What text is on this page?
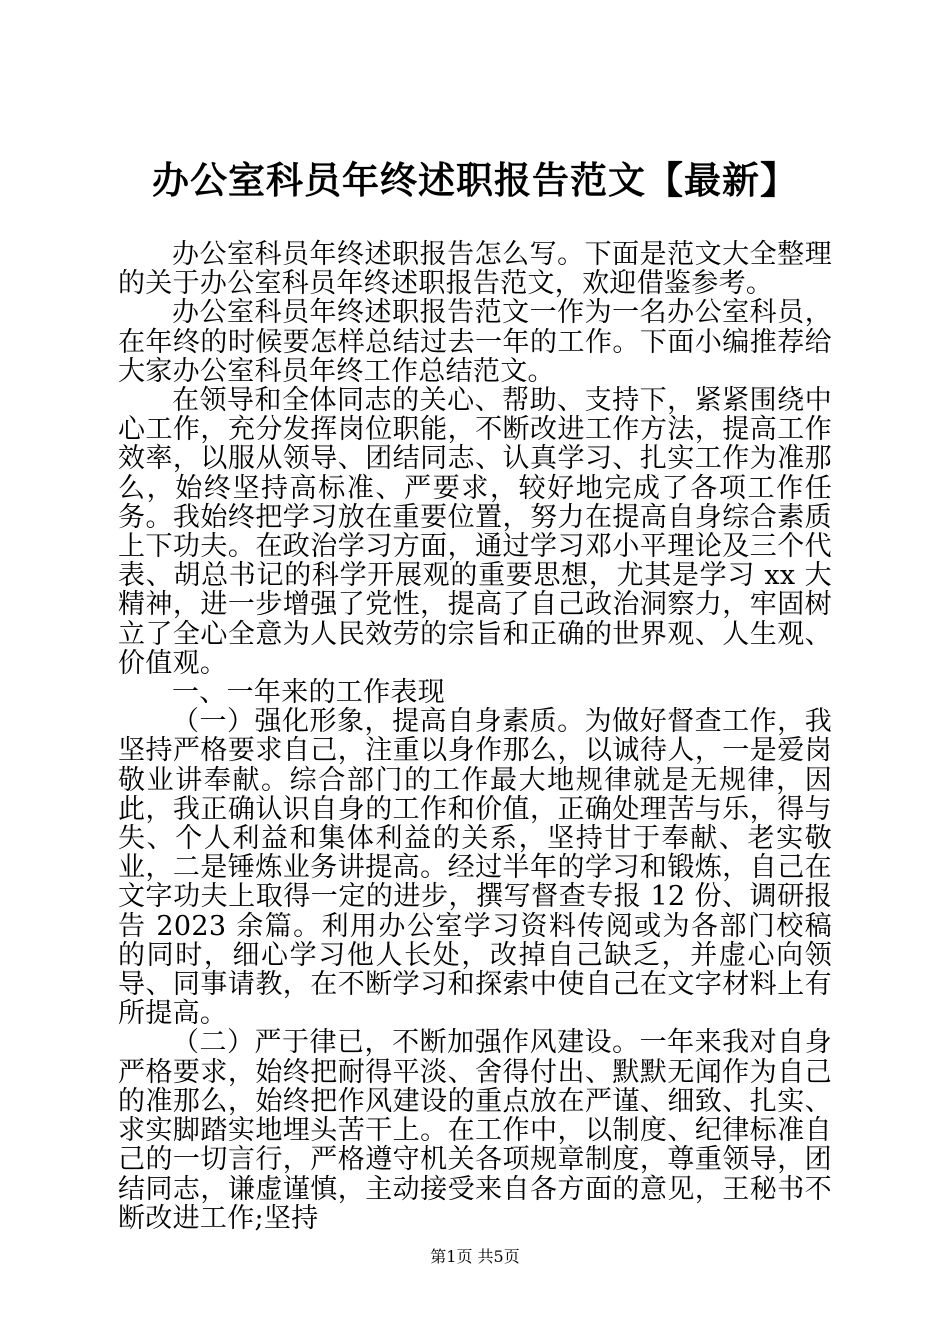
办公室科员年终述职报告范文【最新】

办公室科员年终述职报告怎么写。下面是范文大全整理的关于办公室科员年终述职报告范文，欢迎借鉴参考。

办公室科员年终述职报告范文一作为一名办公室科员，在年终的时候要怎样总结过去一年的工作。下面小编推荐给大家办公室科员年终工作总结范文。

在领导和全体同志的关心、帮助、支持下，紧紧围绕中心工作，充分发挥岗位职能，不断改进工作方法，提高工作效率，以服从领导、团结同志、认真学习、扎实工作为准那么，始终坚持高标准、严要求，较好地完成了各项工作任务。我始终把学习放在重要位置，努力在提高自身综合素质上下功夫。在政治学习方面，通过学习邓小平理论及三个代表、胡总书记的科学开展观的重要思想，尤其是学习 xx 大精神，进一步增强了党性，提高了自己政治洞察力，牢固树立了全心全意为人民效劳的宗旨和正确的世界观、人生观、价值观。

一、一年来的工作表现

（一）强化形象，提高自身素质。为做好督查工作，我坚持严格要求自己，注重以身作那么，以诚待人，一是爱岗敬业讲奉献。综合部门的工作最大地规律就是无规律，因此，我正确认识自身的工作和价值，正确处理苦与乐，得与失、个人利益和集体利益的关系，坚持甘于奉献、老实敬业，二是锤炼业务讲提高。经过半年的学习和锻炼，自己在文字功夫上取得一定的进步，撰写督查专报 12 份、调研报告 2023 余篇。利用办公室学习资料传阅或为各部门校稿的同时，细心学习他人长处，改掉自己缺乏，并虚心向领导、同事请教，在不断学习和探索中使自己在文字材料上有所提高。

（二）严于律已，不断加强作风建设。一年来我对自身严格要求，始终把耐得平淡、舍得付出、默默无闻作为自己的准那么，始终把作风建设的重点放在严谨、细致、扎实、求实脚踏实地埋头苦干上。在工作中，以制度、纪律标准自己的一切言行，严格遵守机关各项规章制度，尊重领导，团结同志，谦虚谨慎，主动接受来自各方面的意见，王秘书不断改进工作;坚持

第1页 共5页
